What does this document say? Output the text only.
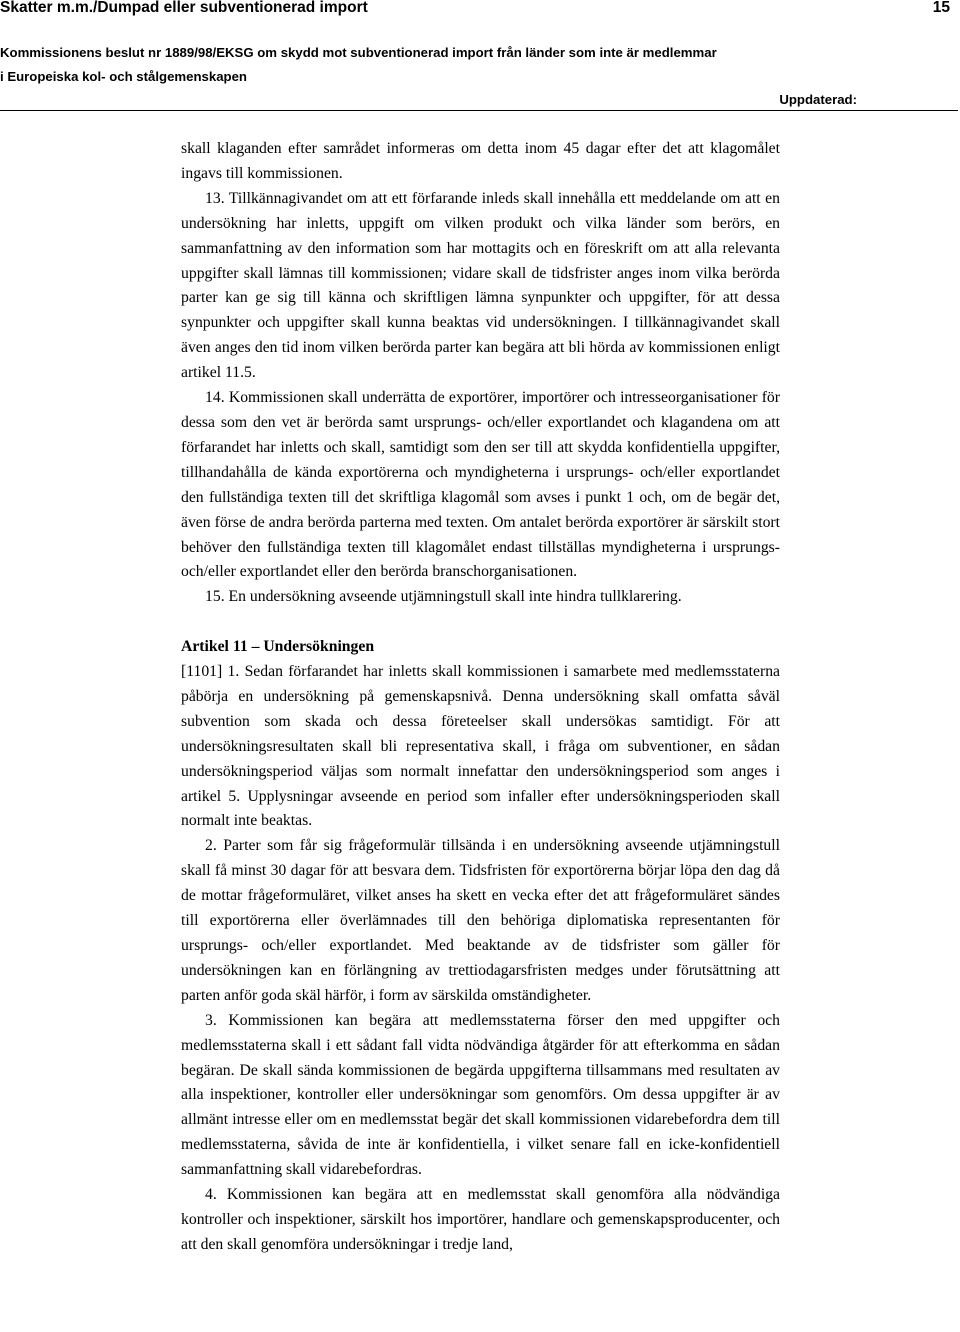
Skatter m.m./Dumpad eller subventionerad import	15
Kommissionens beslut nr 1889/98/EKSG om skydd mot subventionerad import från länder som inte är medlemmar
i Europeiska kol- och stålgemenskapen
Uppdaterad:

skall klaganden efter samrådet informeras om detta inom 45 dagar efter det att klagomålet ingavs till kommissionen.

13. Tillkännagivandet om att ett förfarande inleds skall innehålla ett meddelande om att en undersökning har inletts, uppgift om vilken produkt och vilka länder som berörs, en sammanfattning av den information som har mottagits och en föreskrift om att alla relevanta uppgifter skall lämnas till kommissionen; vidare skall de tidsfrister anges inom vilka berörda parter kan ge sig till känna och skriftligen lämna synpunkter och uppgifter, för att dessa synpunkter och uppgifter skall kunna beaktas vid undersökningen. I tillkännagivandet skall även anges den tid inom vilken berörda parter kan begära att bli hörda av kommissionen enligt artikel 11.5.

14. Kommissionen skall underrätta de exportörer, importörer och intresseorganisationer för dessa som den vet är berörda samt ursprungs- och/eller exportlandet och klagandena om att förfarandet har inletts och skall, samtidigt som den ser till att skydda konfidentiella uppgifter, tillhandahålla de kända exportörerna och myndigheterna i ursprungs- och/eller exportlandet den fullständiga texten till det skriftliga klagomål som avses i punkt 1 och, om de begär det, även förse de andra berörda parterna med texten. Om antalet berörda exportörer är särskilt stort behöver den fullständiga texten till klagomålet endast tillställas myndigheterna i ursprungs- och/eller exportlandet eller den berörda branschorganisationen.

15. En undersökning avseende utjämningstull skall inte hindra tullklarering.

Artikel 11 – Undersökningen

[1101] 1. Sedan förfarandet har inletts skall kommissionen i samarbete med medlemsstaterna påbörja en undersökning på gemenskapsnivå. Denna undersökning skall omfatta såväl subvention som skada och dessa företeelser skall undersökas samtidigt. För att undersökningsresultaten skall bli representativa skall, i fråga om subventioner, en sådan undersökningsperiod väljas som normalt innefattar den undersökningsperiod som anges i artikel 5. Upplysningar avseende en period som infaller efter undersökningsperioden skall normalt inte beaktas.

2. Parter som får sig frågeformulär tillsända i en undersökning avseende utjämningstull skall få minst 30 dagar för att besvara dem. Tidsfristen för exportörerna börjar löpa den dag då de mottar frågeformuläret, vilket anses ha skett en vecka efter det att frågeformuläret sändes till exportörerna eller överlämnades till den behöriga diplomatiska representanten för ursprungs- och/eller exportlandet. Med beaktande av de tidsfrister som gäller för undersökningen kan en förlängning av trettiodagarsfristen medges under förutsättning att parten anför goda skäl härför, i form av särskilda omständigheter.

3. Kommissionen kan begära att medlemsstaterna förser den med uppgifter och medlemsstaterna skall i ett sådant fall vidta nödvändiga åtgärder för att efterkomma en sådan begäran. De skall sända kommissionen de begärda uppgifterna tillsammans med resultaten av alla inspektioner, kontroller eller undersökningar som genomförs. Om dessa uppgifter är av allmänt intresse eller om en medlemsstat begär det skall kommissionen vidarebefordra dem till medlemsstaterna, såvida de inte är konfidentiella, i vilket senare fall en icke-konfidentiell sammanfattning skall vidarebefordras.

4. Kommissionen kan begära att en medlemsstat skall genomföra alla nödvändiga kontroller och inspektioner, särskilt hos importörer, handlare och gemenskapsproducenter, och att den skall genomföra undersökningar i tredje land,
